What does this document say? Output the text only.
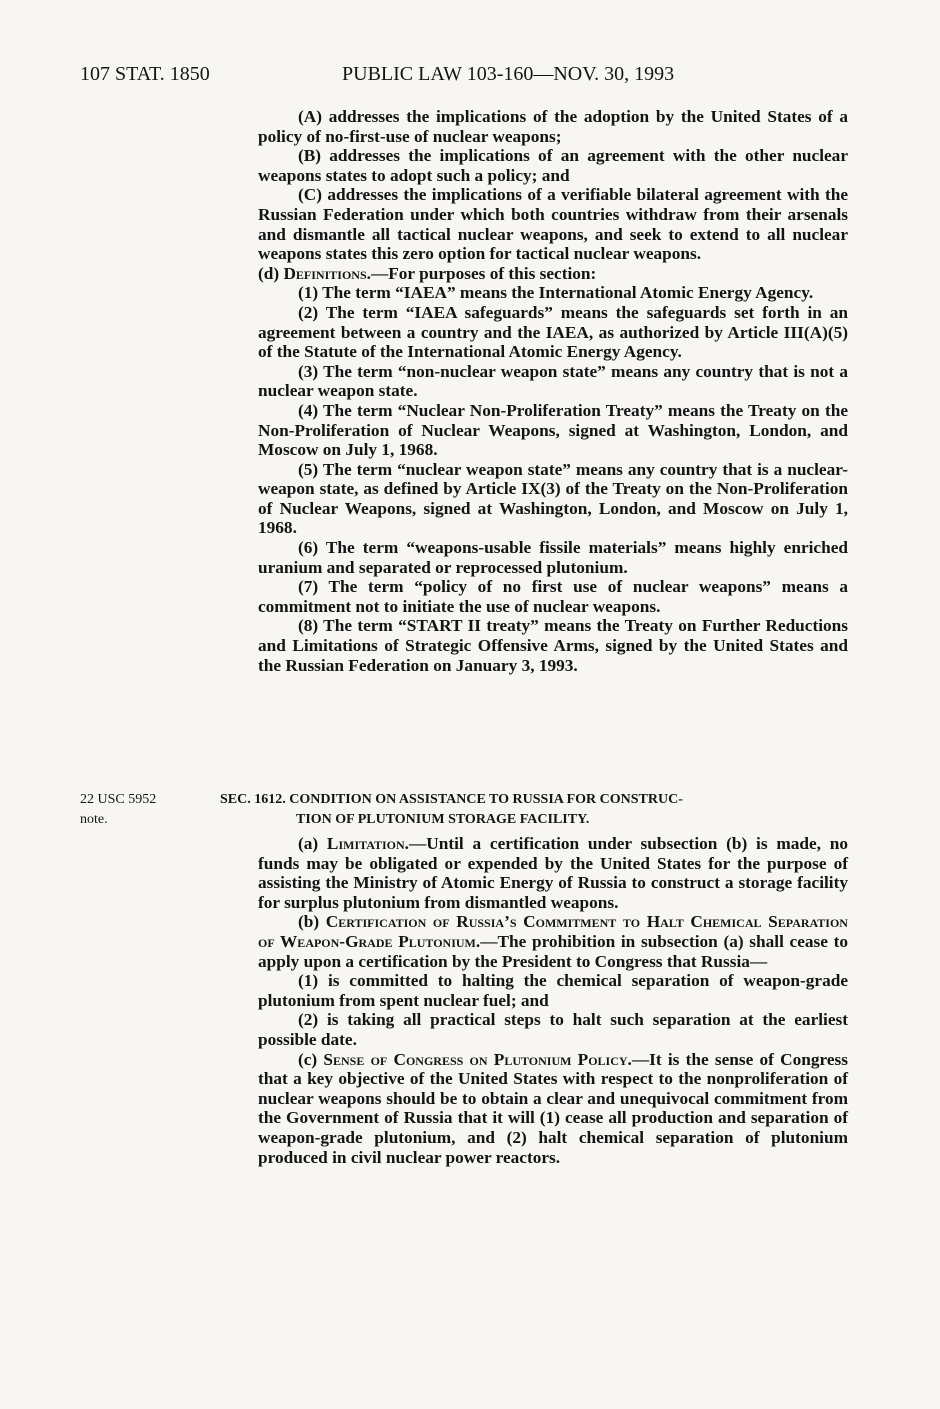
107 STAT. 1850	PUBLIC LAW 103-160—NOV. 30, 1993

(A) addresses the implications of the adoption by the United States of a policy of no-first-use of nuclear weapons;

(B) addresses the implications of an agreement with the other nuclear weapons states to adopt such a policy; and

(C) addresses the implications of a verifiable bilateral agreement with the Russian Federation under which both countries withdraw from their arsenals and dismantle all tactical nuclear weapons, and seek to extend to all nuclear weapons states this zero option for tactical nuclear weapons.

(d) Definitions.—For purposes of this section:

(1) The term “IAEA” means the International Atomic Energy Agency.

(2) The term “IAEA safeguards” means the safeguards set forth in an agreement between a country and the IAEA, as authorized by Article III(A)(5) of the Statute of the International Atomic Energy Agency.

(3) The term “non-nuclear weapon state” means any country that is not a nuclear weapon state.

(4) The term “Nuclear Non-Proliferation Treaty” means the Treaty on the Non-Proliferation of Nuclear Weapons, signed at Washington, London, and Moscow on July 1, 1968.

(5) The term “nuclear weapon state” means any country that is a nuclear-weapon state, as defined by Article IX(3) of the Treaty on the Non-Proliferation of Nuclear Weapons, signed at Washington, London, and Moscow on July 1, 1968.

(6) The term “weapons-usable fissile materials” means highly enriched uranium and separated or reprocessed plutonium.

(7) The term “policy of no first use of nuclear weapons” means a commitment not to initiate the use of nuclear weapons.

(8) The term “START II treaty” means the Treaty on Further Reductions and Limitations of Strategic Offensive Arms, signed by the United States and the Russian Federation on January 3, 1993.

22 USC 5952

note.

SEC. 1612. CONDITION ON ASSISTANCE TO RUSSIA FOR CONSTRUC-

TION OF PLUTONIUM STORAGE FACILITY.

(a) Limitation.—Until a certification under subsection (b) is made, no funds may be obligated or expended by the United States for the purpose of assisting the Ministry of Atomic Energy of Russia to construct a storage facility for surplus plutonium from dismantled weapons.

(b) Certification of Russia’s Commitment to Halt Chemical Separation of Weapon-Grade Plutonium.—The prohibition in subsection (a) shall cease to apply upon a certification by the President to Congress that Russia—

(1) is committed to halting the chemical separation of weapon-grade plutonium from spent nuclear fuel; and

(2) is taking all practical steps to halt such separation at the earliest possible date.

(c) Sense of Congress on Plutonium Policy.—It is the sense of Congress that a key objective of the United States with respect to the nonproliferation of nuclear weapons should be to obtain a clear and unequivocal commitment from the Government of Russia that it will (1) cease all production and separation of weapon-grade plutonium, and (2) halt chemical separation of plutonium produced in civil nuclear power reactors.
